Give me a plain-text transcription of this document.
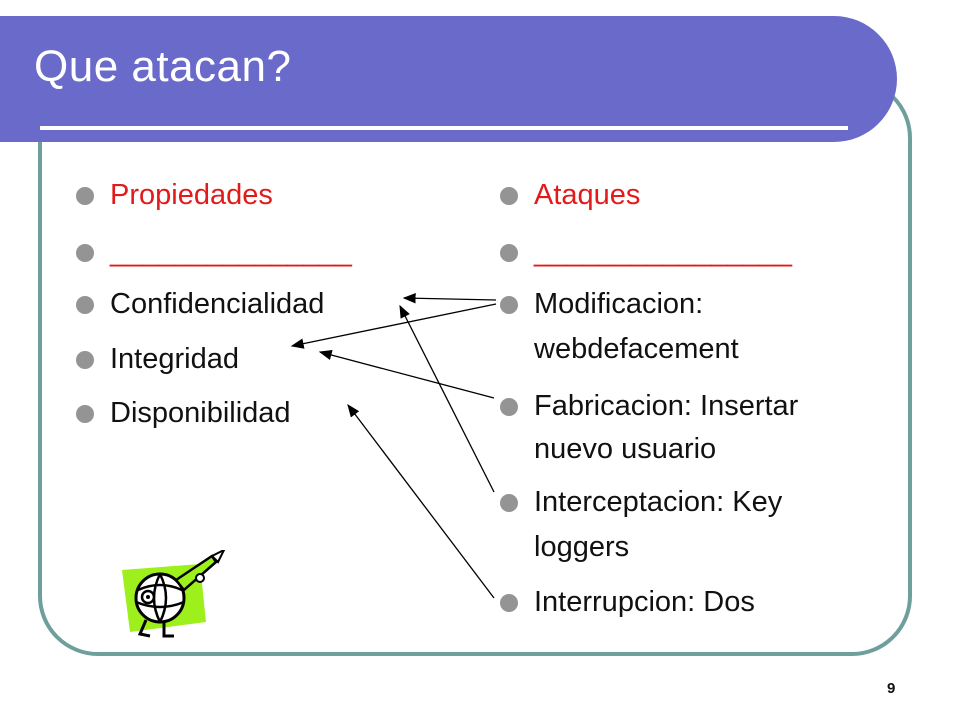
Que atacan?
Propiedades
_______________
Confidencialidad
Integridad
Disponibilidad
Ataques
________________
Modificacion:
webdefacement
Fabricacion: Insertar
nuevo usuario
Interceptacion: Key
loggers
Interrupcion: Dos
9
